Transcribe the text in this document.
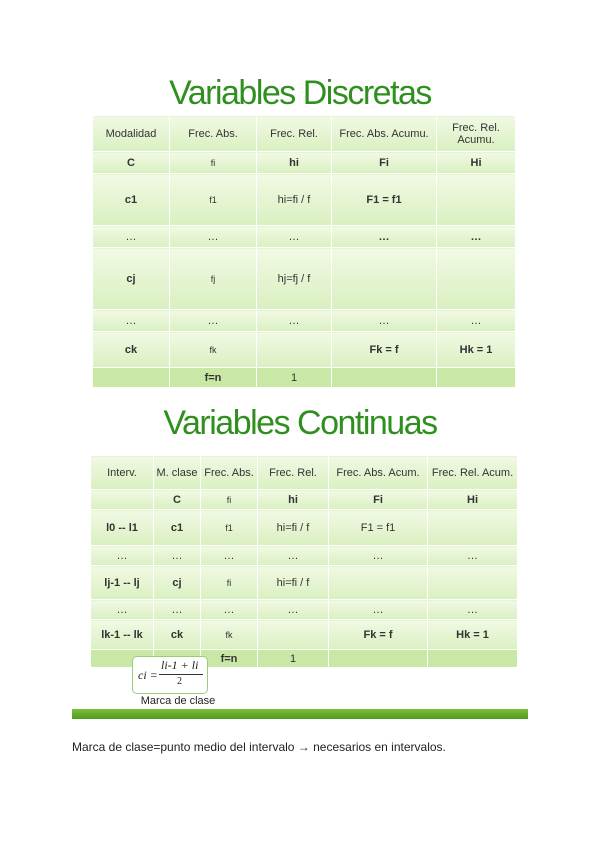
Variables Discretas
Modalidad	Frec. Abs.	Frec. Rel.	Frec. Abs. Acumu.	Frec. Rel. Acumu.
C	fi	hi	Fi	Hi
c1	f1	hi=fi / f	F1 = f1	
…	…	…	…	…
cj	fj	hj=fj / f		
…	…	…	…	…
ck	fk		Fk = f	Hk = 1
	f=n	1		
Variables Continuas
Interv.	M. clase	Frec. Abs.	Frec. Rel.	Frec. Abs. Acum.	Frec. Rel. Acum.
	C	fi	hi	Fi	Hi
l0 -- l1	c1	f1	hi=fi / f	F1 = f1	
…	…	…	…	…	…
lj-1 -- lj	cj	fi	hi=fi / f		
…	…	…	…	…	…
lk-1 -- lk	ck	fk		Fk = f	Hk = 1
		f=n	1		
ci =
li-1 + li
2
Marca de clase
Marca de clase=punto medio del intervalo → necesarios en intervalos.
